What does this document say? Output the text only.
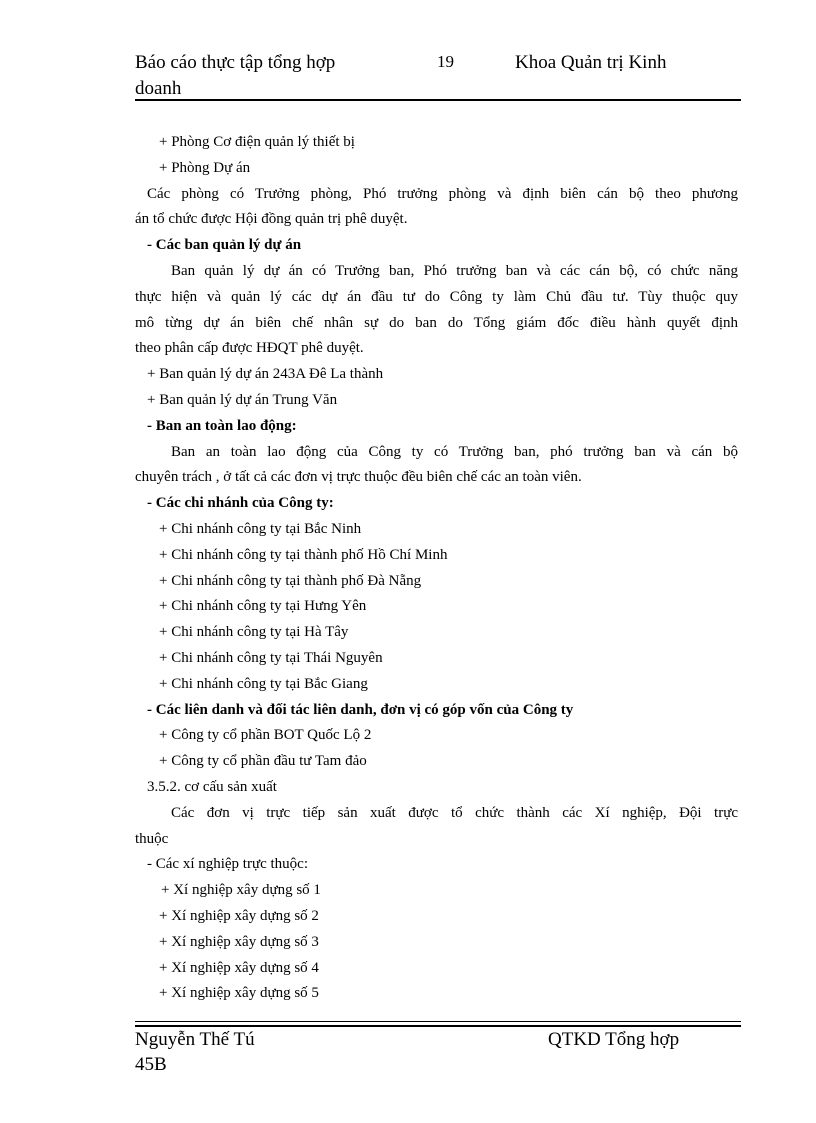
Báo cáo thực tập tổng hợp
doanh
19	Khoa Quản trị Kinh
+ Phòng Cơ điện quản lý thiết bị
+ Phòng Dự án
Các phòng có Trưởng phòng, Phó trưởng phòng và định biên cán bộ theo phương
án tổ chức được Hội đồng quản trị phê duyệt.
- Các ban quản lý dự án
Ban quản lý dự án có Trưởng ban, Phó trưởng ban và các cán bộ, có chức năng
thực hiện và quản lý các dự án đầu tư do Công ty làm Chủ đầu tư. Tùy thuộc quy
mô từng dự án biên chế nhân sự do ban do Tổng giám đốc điều hành quyết định
theo phân cấp được HĐQT phê duyệt.
+ Ban quản lý dự án 243A Đê La thành
+ Ban quản lý dự án Trung Văn
- Ban an toàn lao động:
Ban an toàn lao động của Công ty có Trưởng ban, phó trưởng ban và cán bộ
chuyên trách , ở tất cả các đơn vị trực thuộc đều biên chế các an toàn viên.
- Các chi nhánh của Công ty:
+ Chi nhánh công ty tại Bắc Ninh
+ Chi nhánh công ty tại thành phố Hồ Chí Minh
+ Chi nhánh công ty tại thành phố Đà Nẵng
+ Chi nhánh công ty tại Hưng Yên
+ Chi nhánh công ty tại Hà Tây
+ Chi nhánh công ty tại Thái Nguyên
+ Chi nhánh công ty tại Bắc Giang
- Các liên danh và đối tác liên danh, đơn vị có góp vốn của Công ty
+ Công ty cổ phần BOT Quốc Lộ 2
+ Công ty cổ phần đầu tư Tam đảo
3.5.2. cơ cấu sản xuất
Các đơn vị trực tiếp sản xuất được tổ chức thành các Xí nghiệp, Đội trực
thuộc
- Các xí nghiệp trực thuộc:
+ Xí nghiệp xây dựng số 1
+ Xí nghiệp xây dựng số 2
+ Xí nghiệp xây dựng số 3
+ Xí nghiệp xây dựng số 4
+ Xí nghiệp xây dựng số 5
Nguyễn Thế Tú
45B
QTKD Tổng hợp
